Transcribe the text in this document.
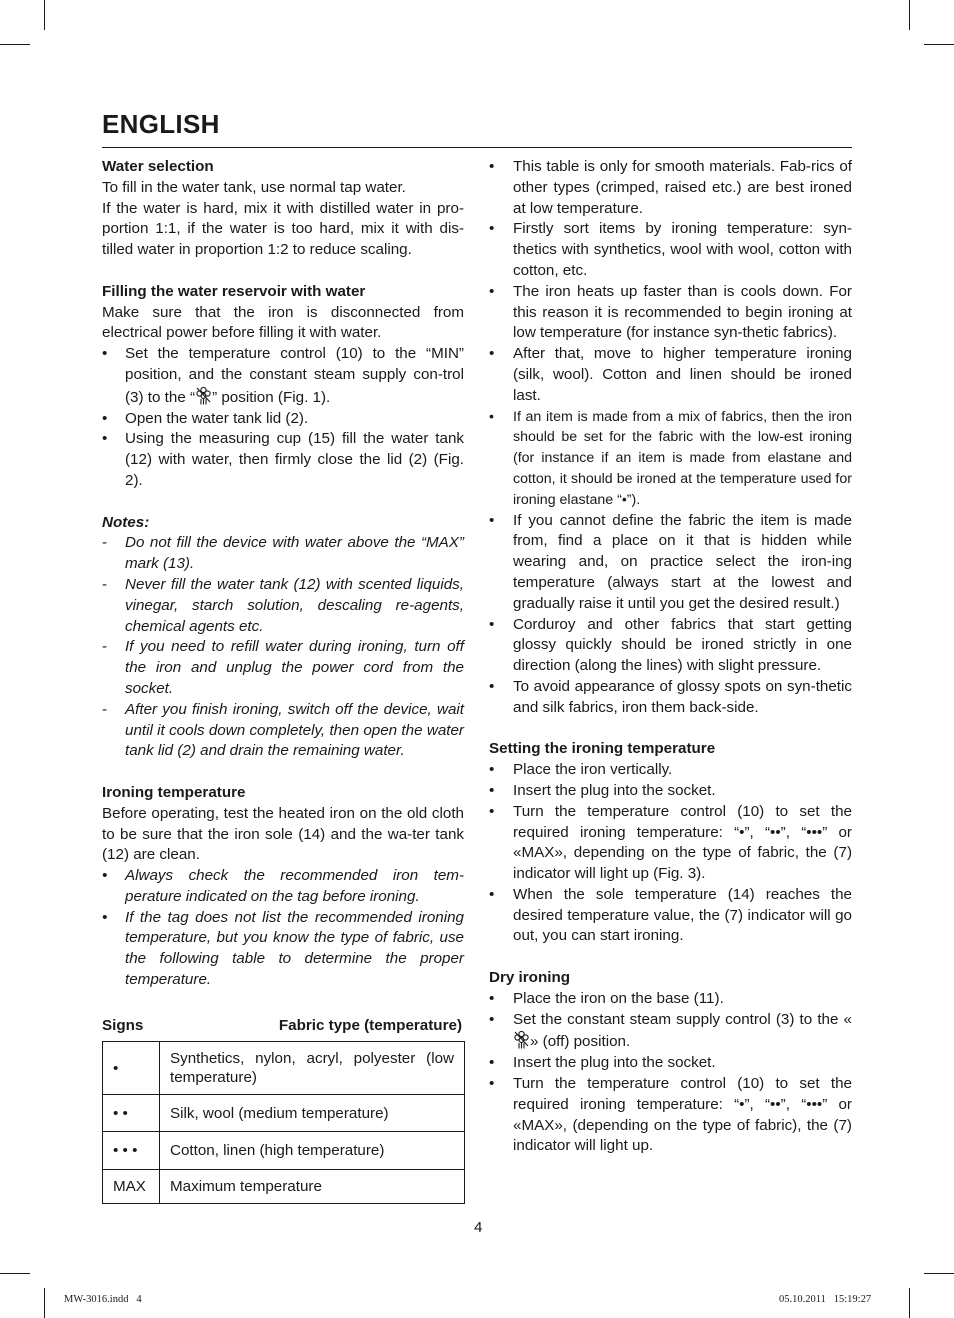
ENGLISH

Water selection

To fill in the water tank, use normal tap water.

If the water is hard, mix it with distilled water in pro-portion 1:1, if the water is too hard, mix it with dis-tilled water in proportion 1:2 to reduce scaling.

Filling the water reservoir with water

Make sure that the iron is disconnected from electrical power before filling it with water.

• Set the temperature control (10) to the “MIN” position, and the constant steam supply con-trol (3) to the “ ” position (Fig. 1).
• Open the water tank lid (2).
• Using the measuring cup (15) fill the water tank (12) with water, then firmly close the lid (2) (Fig. 2).

Notes:

- Do not fill the device with water above the “MAX” mark (13).
- Never fill the water tank (12) with scented liquids, vinegar, starch solution, descaling re-agents, chemical agents etc.
- If you need to refill water during ironing, turn off the iron and unplug the power cord from the socket.
- After you finish ironing, switch off the device, wait until it cools down completely, then open the water tank lid (2) and drain the remaining water.

Ironing temperature

Before operating, test the heated iron on the old cloth to be sure that the iron sole (14) and the wa-ter tank (12) are clean.

• Always check the recommended iron tem-perature indicated on the tag before ironing.
• If the tag does not list the recommended ironing temperature, but you know the type of fabric, use the following table to determine the proper temperature.
Signs	Fabric type (temperature)
•	Synthetics, nylon, acryl, polyester (low temperature)
• •	Silk, wool (medium temperature)
• • •	Cotton, linen (high temperature)
MAX	Maximum temperature
• This table is only for smooth materials. Fab-rics of other types (crimped, raised etc.) are best ironed at low temperature.
• Firstly sort items by ironing temperature: syn-thetics with synthetics, wool with wool, cotton with cotton, etc.
• The iron heats up faster than is cools down. For this reason it is recommended to begin ironing at low temperature (for instance syn-thetic fabrics).
• After that, move to higher temperature ironing (silk, wool). Cotton and linen should be ironed last.
• If an item is made from a mix of fabrics, then the iron should be set for the fabric with the low-est ironing (for instance if an item is made from elastane and cotton, it should be ironed at the temperature used for ironing elastane “•”).
• If you cannot define the fabric the item is made from, find a place on it that is hidden while wearing and, on practice select the iron-ing temperature (always start at the lowest and gradually raise it until you get the desired result.)
• Corduroy and other fabrics that start getting glossy quickly should be ironed strictly in one direction (along the lines) with slight pressure.
• To avoid appearance of glossy spots on syn-thetic and silk fabrics, iron them back-side.

Setting the ironing temperature

• Place the iron vertically.
• Insert the plug into the socket.
• Turn the temperature control (10) to set the required ironing temperature: “•”, “••”, “•••” or «MAX», depending on the type of fabric, the (7) indicator will light up (Fig. 3).
• When the sole temperature (14) reaches the desired temperature value, the (7) indicator will go out, you can start ironing.

Dry ironing

• Place the iron on the base (11).
• Set the constant steam supply control (3) to the «» (off) position.
• Insert the plug into the socket.
• Turn the temperature control (10) to set the required ironing temperature: “•”, “••”, “•••” or «MAX», (depending on the type of fabric), the (7) indicator will light up.
4
MW-3016.indd   4	05.10.2011   15:19:27
